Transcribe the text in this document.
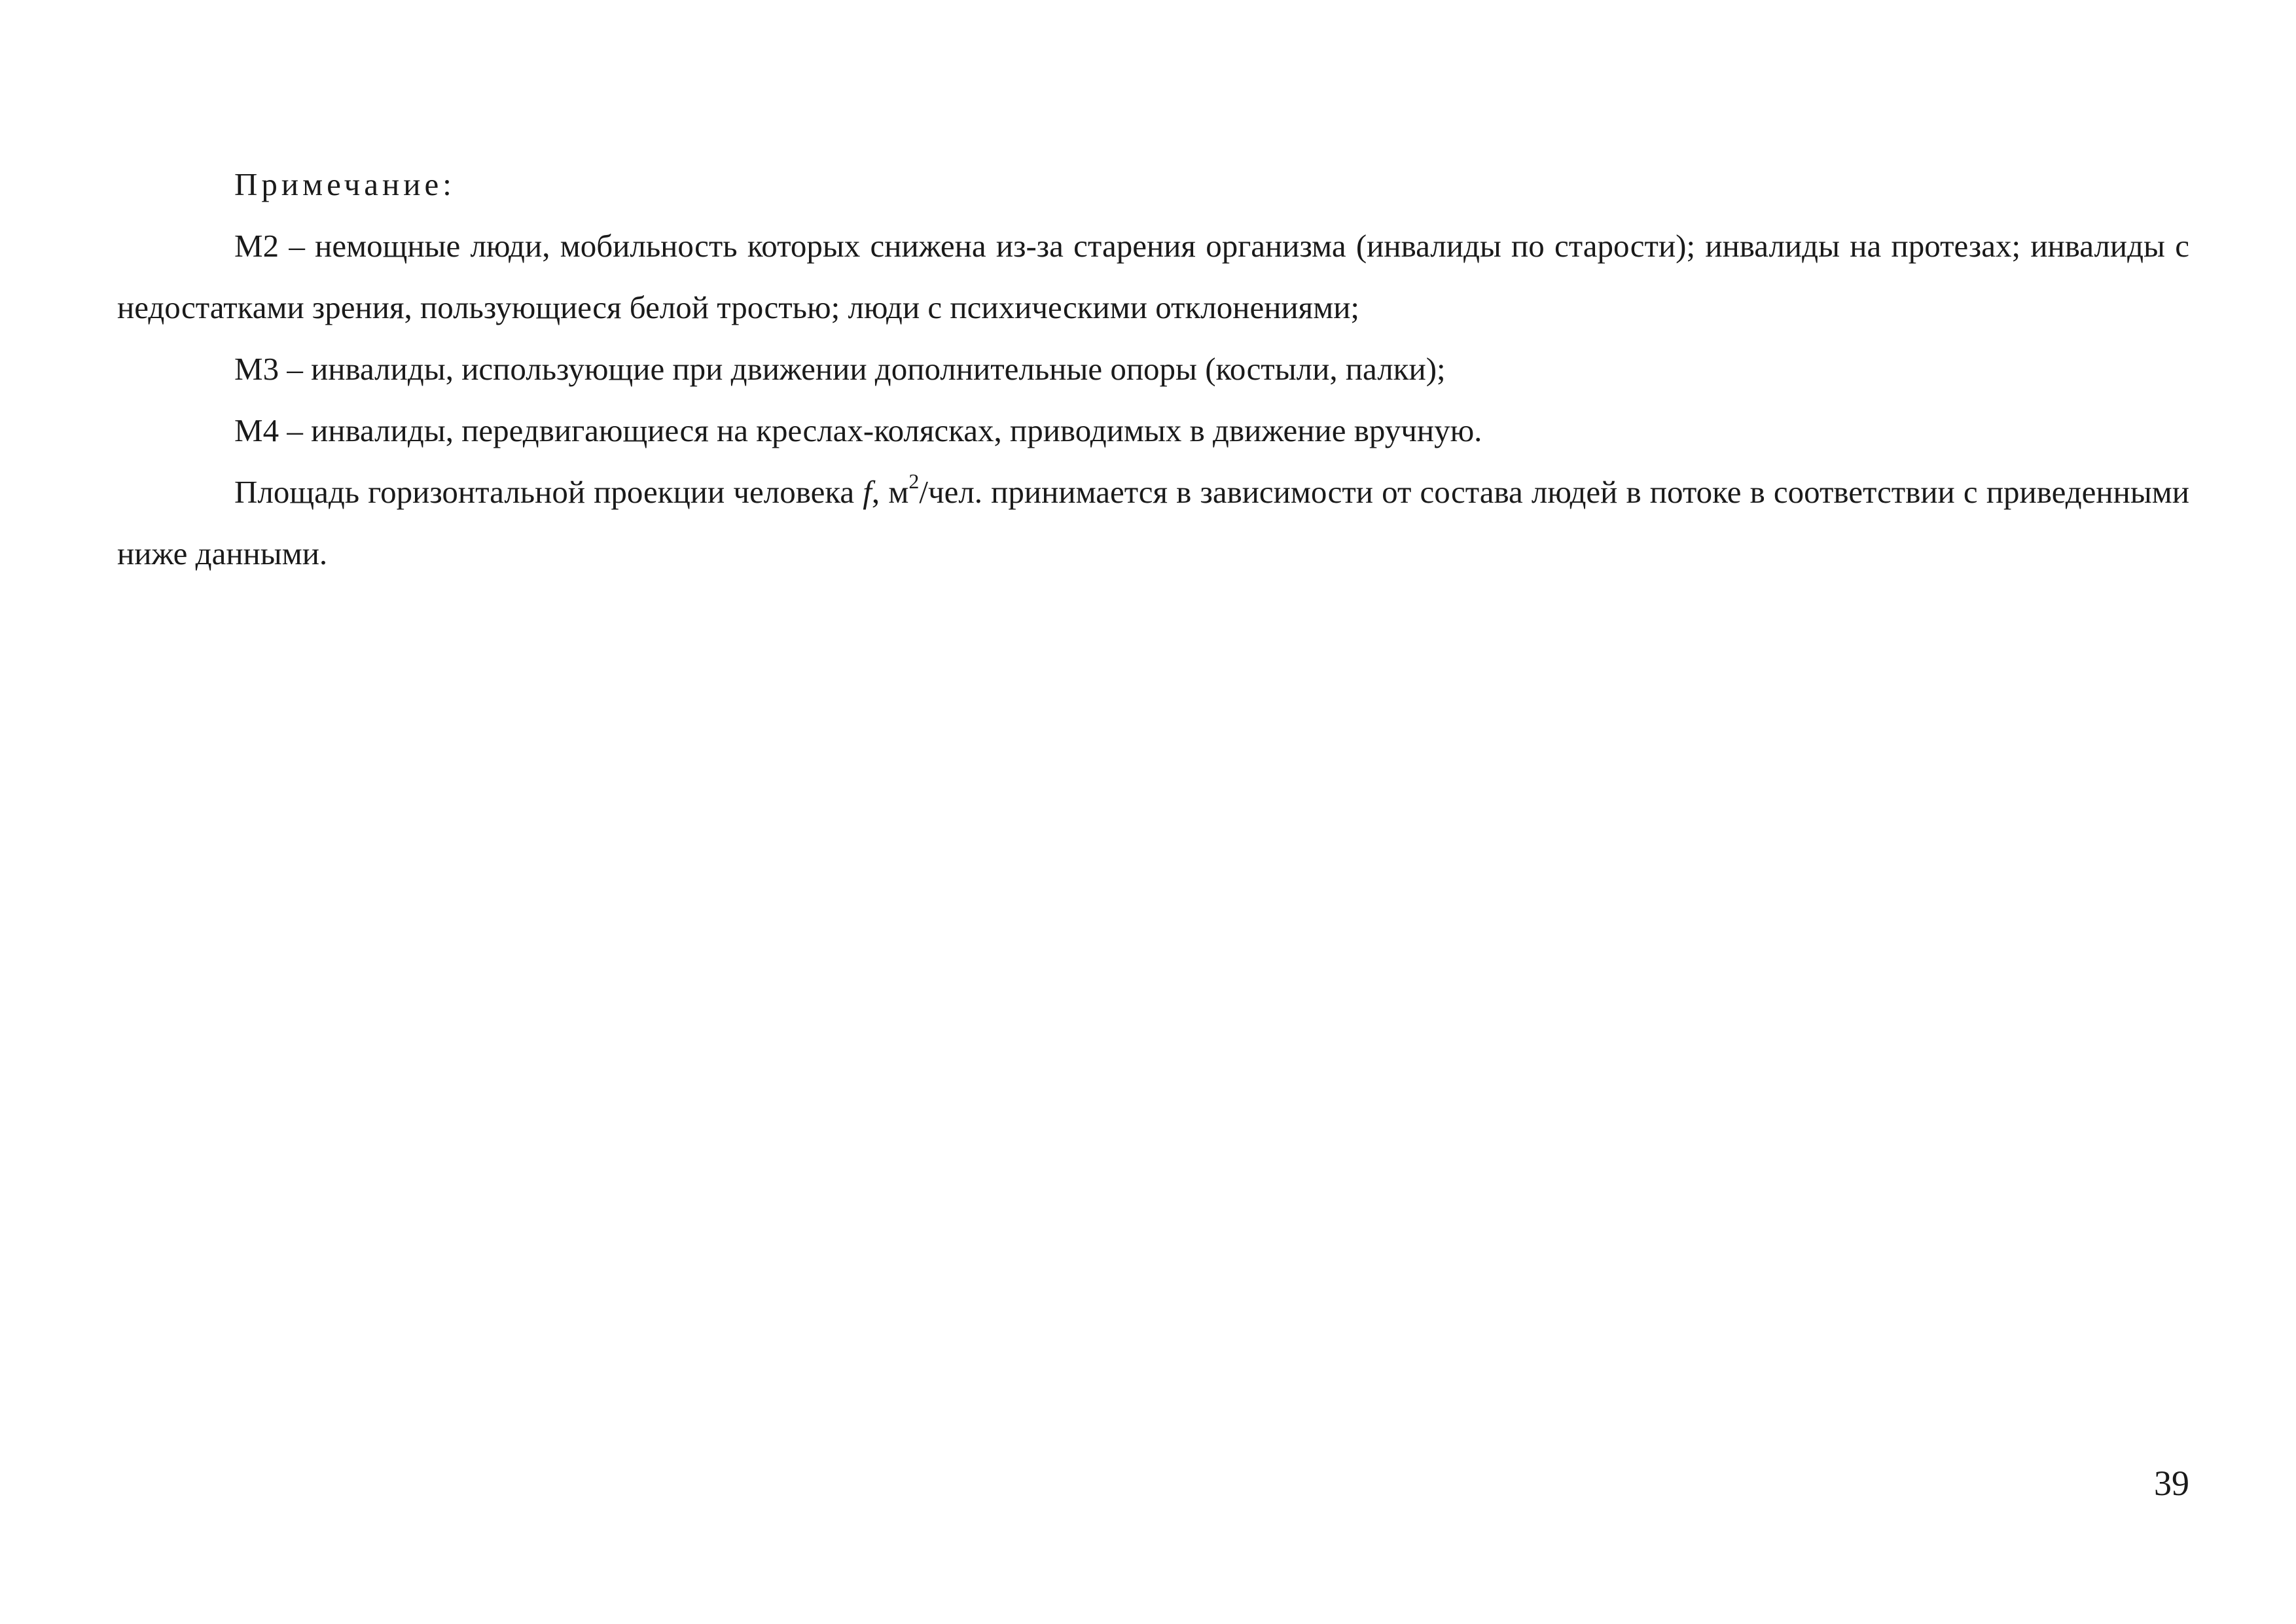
Примечание:

М2 – немощные люди, мобильность которых снижена из-за старения организма (инвалиды по старости); инвалиды на протезах; инвалиды с недостатками зрения, пользующиеся белой тростью; люди с психическими отклонениями;

М3 – инвалиды, использующие при движении дополнительные опоры (костыли, палки);

М4 – инвалиды, передвигающиеся на креслах-колясках, приводимых в движение вручную.

Площадь горизонтальной проекции человека f, $м^2$/чел. принимается в зависимости от состава людей в потоке в соответствии с приведенными ниже данными.

39
